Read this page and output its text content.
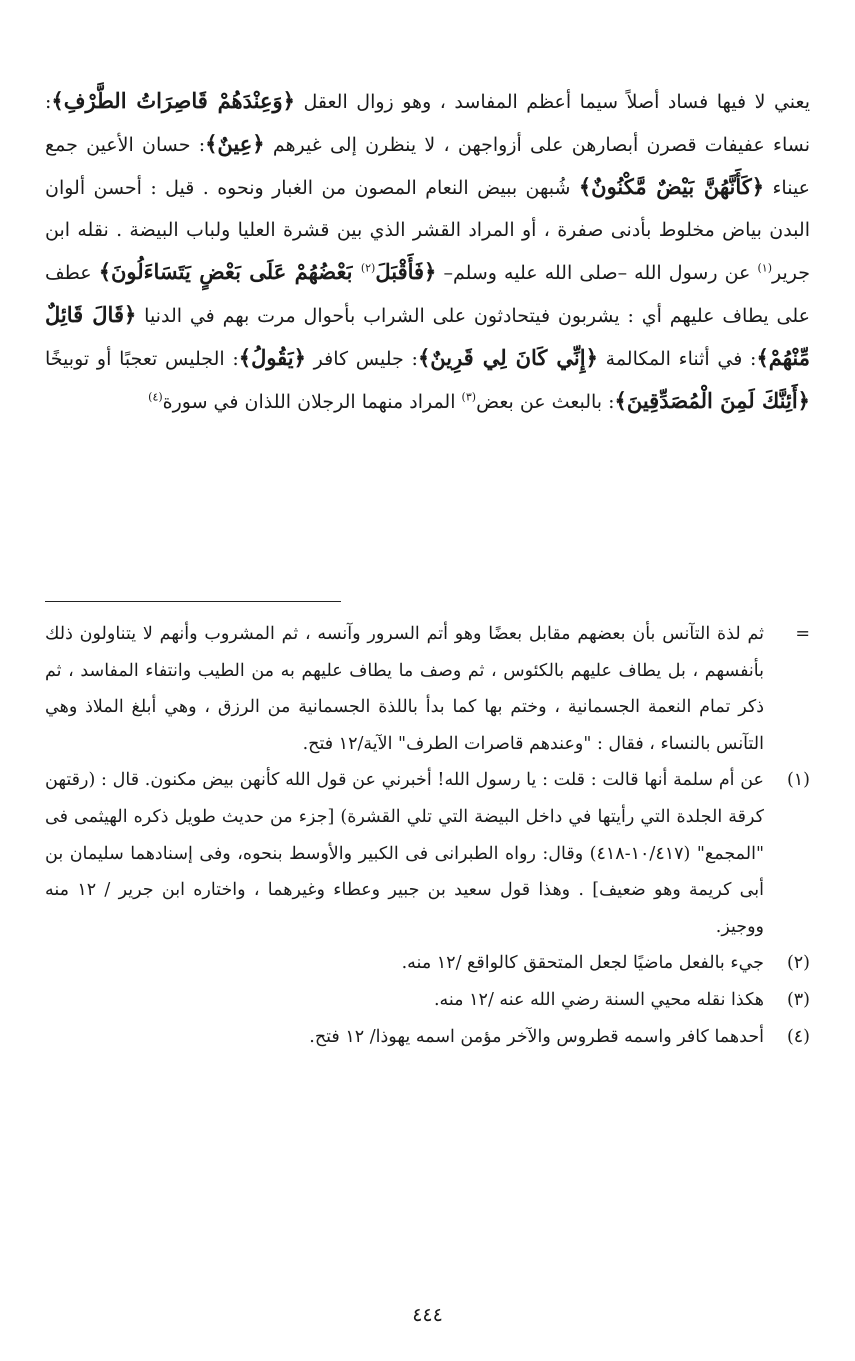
يعني لا فيها فساد أصلاً سيما أعظم المفاسد ، وهو زوال العقل ﴿وَعِنْدَهُمْ قَاصِرَاتُ الطَّرْفِ﴾: نساء عفيفات قصرن أبصارهن على أزواجهن ، لا ينظرن إلى غيرهم ﴿عِينٌ﴾: حسان الأعين جمع عيناء ﴿كَأَنَّهُنَّ بَيْضٌ مَّكْنُونٌ﴾ شُبهن ببيض النعام المصون من الغبار ونحوه . قيل : أحسن ألوان البدن بياض مخلوط بأدنى صفرة ، أو المراد القشر الذي بين قشرة العليا ولباب البيضة . نقله ابن جرير$^{(١)}$ عن رسول الله –صلى الله عليه وسلم– ﴿فَأَقْبَلَ$^{(٢)}$ بَعْضُهُمْ عَلَى بَعْضٍ يَتَسَاءَلُونَ﴾ عطف على يطاف عليهم أي : يشربون فيتحادثون على الشراب بأحوال مرت بهم في الدنيا ﴿قَالَ قَائِلٌ مِّنْهُمْ﴾: في أثناء المكالمة ﴿إِنِّي كَانَ لِي قَرِينٌ﴾: جليس كافر ﴿يَقُولُ﴾: الجليس تعجبًا أو توبيخًا ﴿أَئِنَّكَ لَمِنَ الْمُصَدِّقِينَ﴾: بالبعث عن بعض$^{(٣)}$ المراد منهما الرجلان اللذان في سورة$^{(٤)}$

=
ثم لذة التآنس بأن بعضهم مقابل بعضًا وهو أتم السرور وآنسه ، ثم المشروب وأنهم لا يتناولون ذلك بأنفسهم ، بل يطاف عليهم بالكئوس ، ثم وصف ما يطاف عليهم به من الطيب وانتفاء المفاسد ، ثم ذكر تمام النعمة الجسمانية ، وختم بها كما بدأ باللذة الجسمانية من الرزق ، وهي أبلغ الملاذ وهي التآنس بالنساء ، فقال : "وعندهم قاصرات الطرف" الآية/١٢ فتح.

(١)
عن أم سلمة أنها قالت : قلت : يا رسول الله! أخبرني عن قول الله كأنهن بيض مكنون. قال : (رقتهن كرقة الجلدة التي رأيتها في داخل البيضة التي تلي القشرة) [جزء من حديث طويل ذكره الهيثمى فى "المجمع" (١٠/٤١٧-٤١٨) وقال: رواه الطبرانى فى الكبير والأوسط بنحوه، وفى إسنادهما سليمان بن أبى كريمة وهو ضعيف] . وهذا قول سعيد بن جبير وعطاء وغيرهما ، واختاره ابن جرير / ١٢ منه ووجيز.

(٢)
جيء بالفعل ماضيًا لجعل المتحقق كالواقع /١٢ منه.

(٣)
هكذا نقله محيي السنة رضي الله عنه /١٢ منه.

(٤)
أحدهما كافر واسمه قطروس والآخر مؤمن اسمه يهوذا/ ١٢ فتح.

٤٤٤
